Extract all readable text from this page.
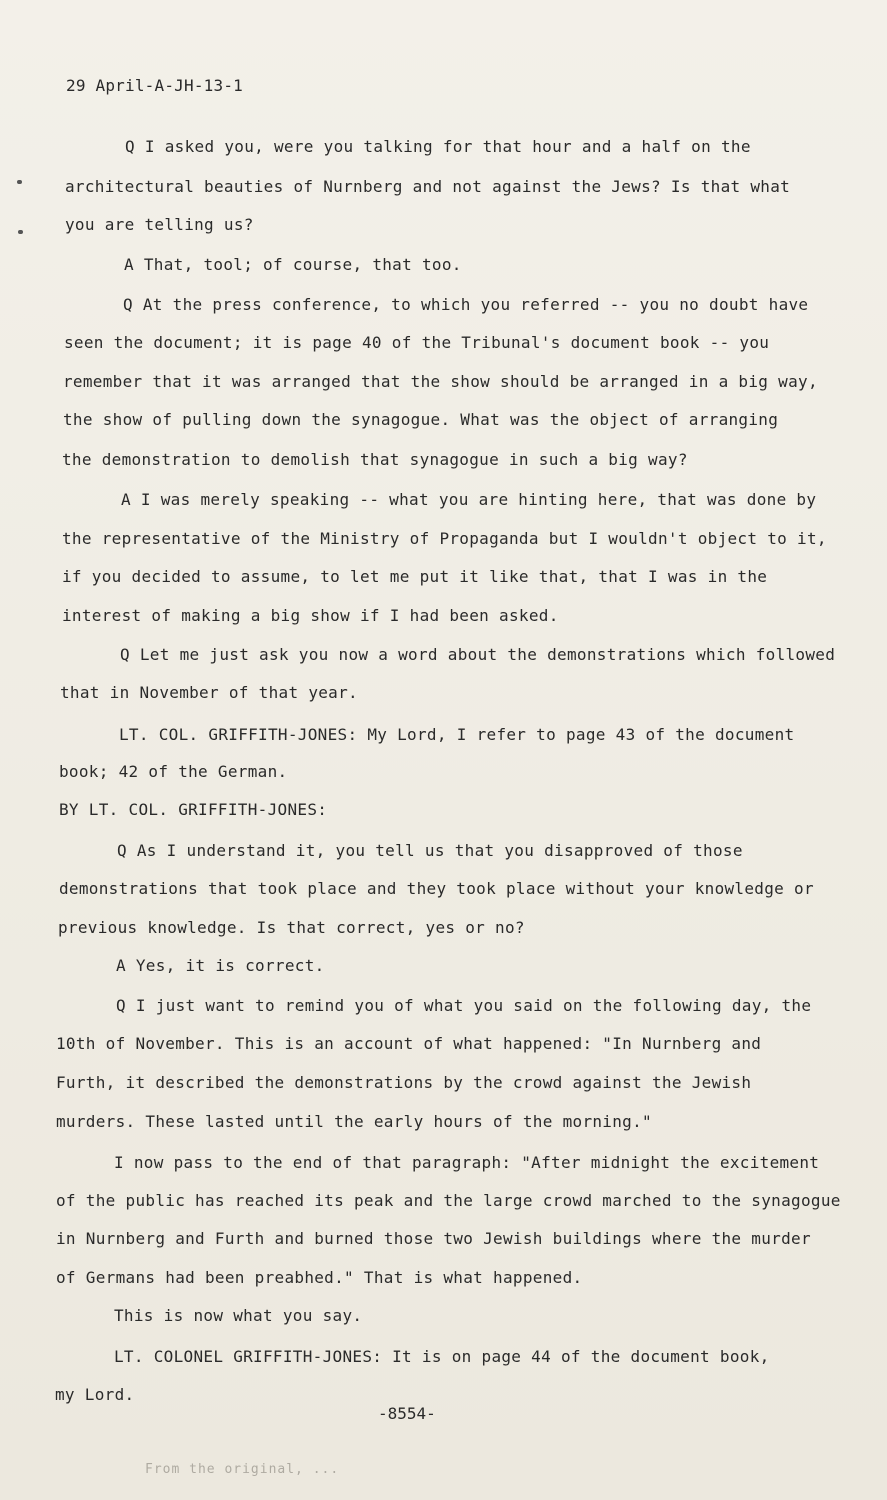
29 April-A-JH-13-1
Q I asked you, were you talking for that hour and a half on the
architectural beauties of Nurnberg and not against the Jews? Is that what
you are telling us?
A That, tool; of course, that too.
Q At the press conference, to which you referred -- you no doubt have
seen the document; it is page 40 of the Tribunal's document book -- you
remember that it was arranged that the show should be arranged in a big way,
the show of pulling down the synagogue. What was the object of arranging
the demonstration to demolish that synagogue in such a big way?
A I was merely speaking -- what you are hinting here, that was done by
the representative of the Ministry of Propaganda but I wouldn't object to it,
if you decided to assume, to let me put it like that, that I was in the
interest of making a big show if I had been asked.
Q Let me just ask you now a word about the demonstrations which followed
that in November of that year.
LT. COL. GRIFFITH-JONES: My Lord, I refer to page 43 of the document
book; 42 of the German.
BY LT. COL. GRIFFITH-JONES:
Q As I understand it, you tell us that you disapproved of those
demonstrations that took place and they took place without your knowledge or
previous knowledge. Is that correct, yes or no?
A Yes, it is correct.
Q I just want to remind you of what you said on the following day, the
10th of November. This is an account of what happened: "In Nurnberg and
Furth, it described the demonstrations by the crowd against the Jewish
murders. These lasted until the early hours of the morning."
I now pass to the end of that paragraph: "After midnight the excitement
of the public has reached its peak and the large crowd marched to the synagogue
in Nurnberg and Furth and burned those two Jewish buildings where the murder
of Germans had been preabhed." That is what happened.
This is now what you say.
LT. COLONEL GRIFFITH-JONES: It is on page 44 of the document book,
my Lord.
-8554-
From the original, ...
